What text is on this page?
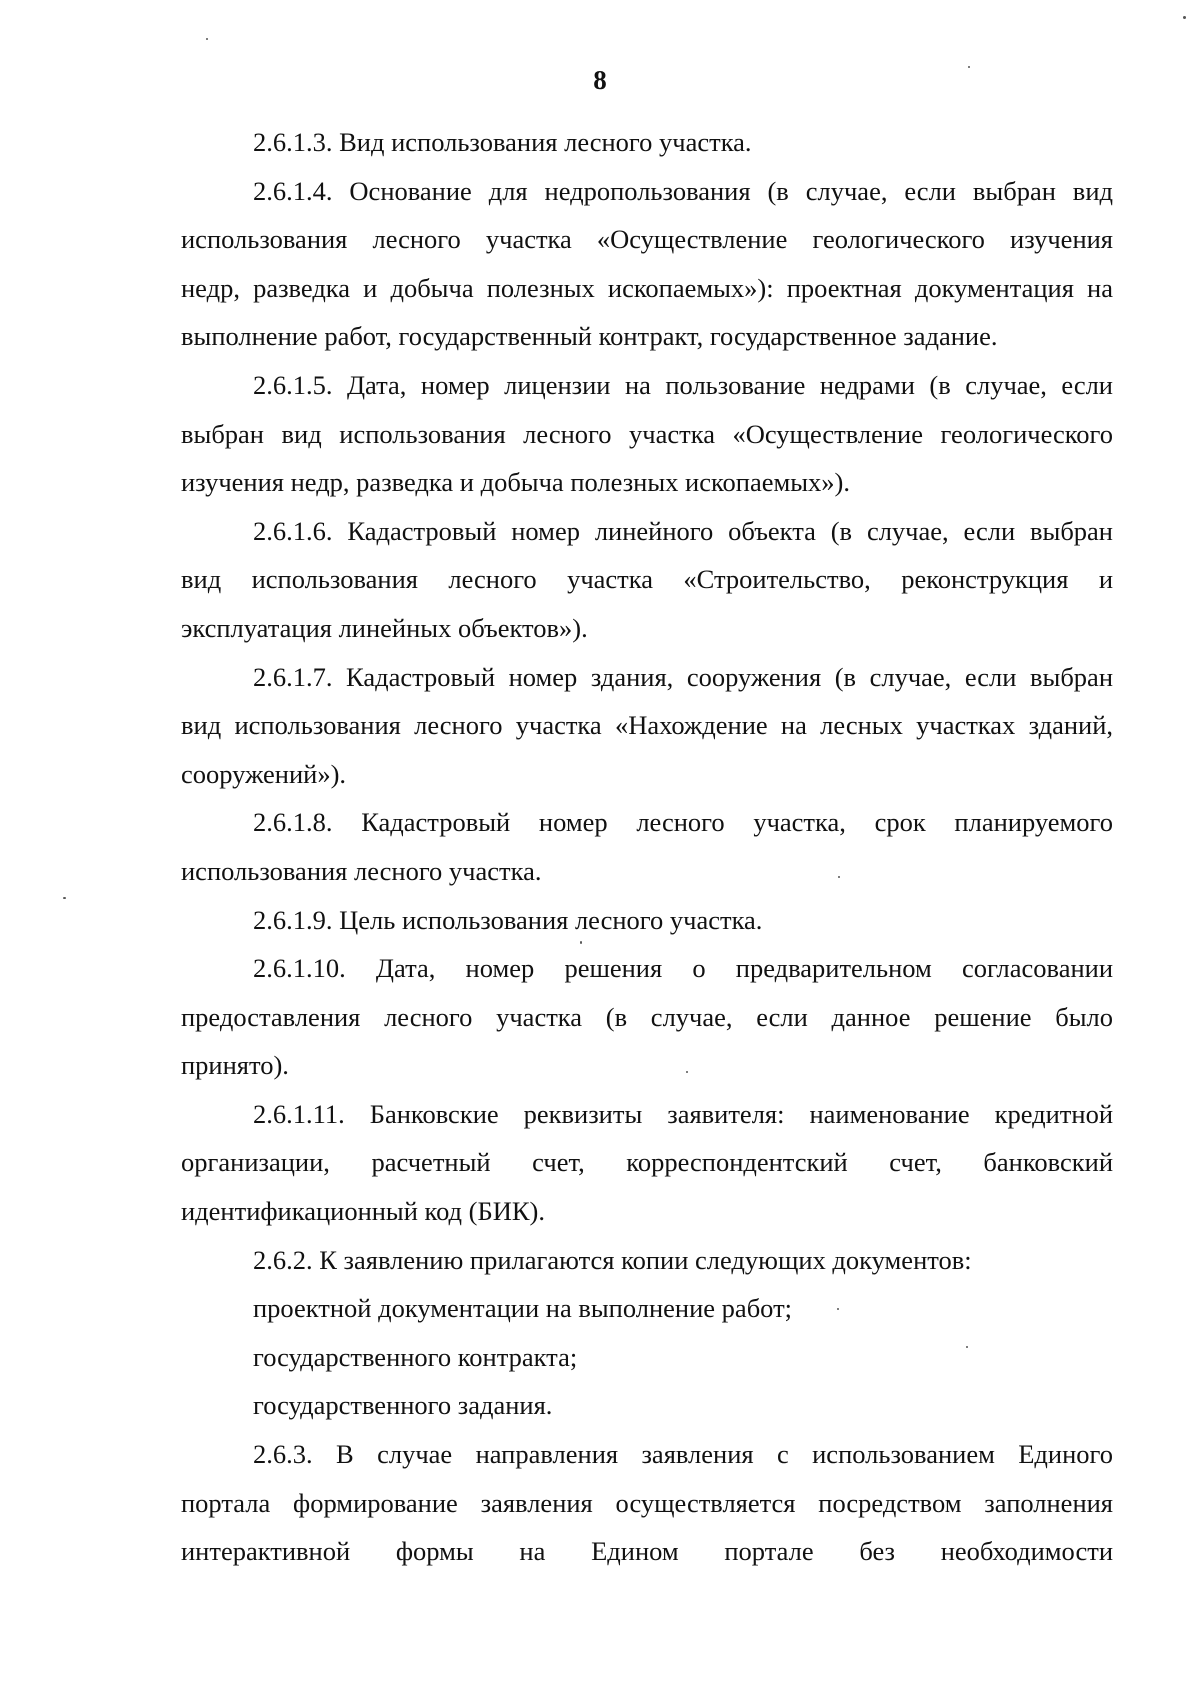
8

2.6.1.3. Вид использования лесного участка.

2.6.1.4. Основание для недропользования (в случае, если выбран вид
использования лесного участка «Осуществление геологического изучения
недр, разведка и добыча полезных ископаемых»): проектная документация на
выполнение работ, государственный контракт, государственное задание.

2.6.1.5. Дата, номер лицензии на пользование недрами (в случае, если
выбран вид использования лесного участка «Осуществление геологического
изучения недр, разведка и добыча полезных ископаемых»).

2.6.1.6. Кадастровый номер линейного объекта (в случае, если выбран
вид использования лесного участка «Строительство, реконструкция и
эксплуатация линейных объектов»).

2.6.1.7. Кадастровый номер здания, сооружения (в случае, если выбран
вид использования лесного участка «Нахождение на лесных участках зданий,
сооружений»).

2.6.1.8. Кадастровый номер лесного участка, срок планируемого
использования лесного участка.

2.6.1.9. Цель использования лесного участка.

2.6.1.10. Дата, номер решения о предварительном согласовании
предоставления лесного участка (в случае, если данное решение было
принято).

2.6.1.11. Банковские реквизиты заявителя: наименование кредитной
организации, расчетный счет, корреспондентский счет, банковский
идентификационный код (БИК).

2.6.2. К заявлению прилагаются копии следующих документов:

проектной документации на выполнение работ;

государственного контракта;

государственного задания.

2.6.3. В случае направления заявления с использованием Единого
портала формирование заявления осуществляется посредством заполнения
интерактивной формы на Едином портале без необходимости
